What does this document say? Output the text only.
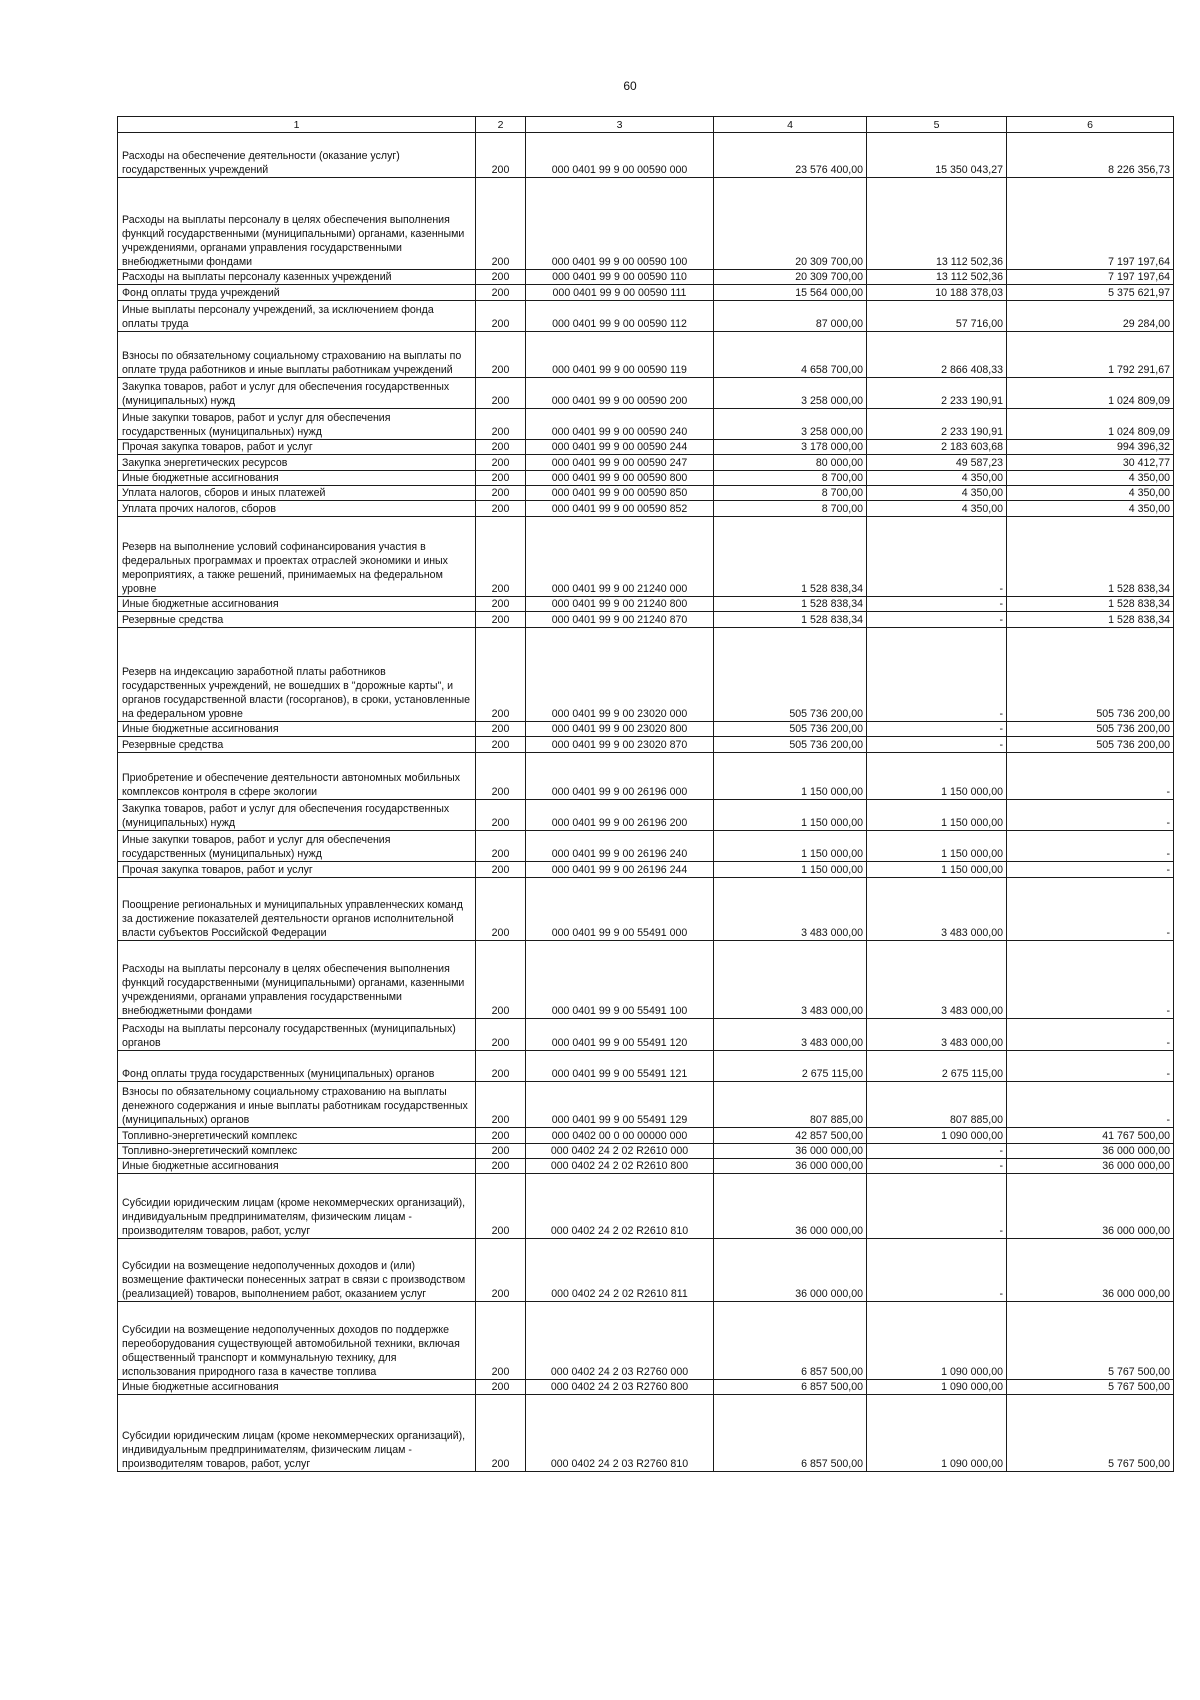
60
1	2	3	4	5	6
Расходы на обеспечение деятельности (оказание услуг) государственных учреждений	200	000 0401 99 9 00 00590 000	23 576 400,00	15 350 043,27	8 226 356,73
Расходы на выплаты персоналу в целях обеспечения выполнения функций государственными (муниципальными) органами, казенными учреждениями, органами управления государственными внебюджетными фондами	200	000 0401 99 9 00 00590 100	20 309 700,00	13 112 502,36	7 197 197,64
Расходы на выплаты персоналу казенных учреждений	200	000 0401 99 9 00 00590 110	20 309 700,00	13 112 502,36	7 197 197,64
Фонд оплаты труда учреждений	200	000 0401 99 9 00 00590 111	15 564 000,00	10 188 378,03	5 375 621,97
Иные выплаты персоналу учреждений, за исключением фонда оплаты труда	200	000 0401 99 9 00 00590 112	87 000,00	57 716,00	29 284,00
Взносы по обязательному социальному страхованию на выплаты по оплате труда работников и иные выплаты работникам учреждений	200	000 0401 99 9 00 00590 119	4 658 700,00	2 866 408,33	1 792 291,67
Закупка товаров, работ и услуг для обеспечения государственных (муниципальных) нужд	200	000 0401 99 9 00 00590 200	3 258 000,00	2 233 190,91	1 024 809,09
Иные закупки товаров, работ и услуг для обеспечения государственных (муниципальных) нужд	200	000 0401 99 9 00 00590 240	3 258 000,00	2 233 190,91	1 024 809,09
Прочая закупка товаров, работ и услуг	200	000 0401 99 9 00 00590 244	3 178 000,00	2 183 603,68	994 396,32
Закупка энергетических ресурсов	200	000 0401 99 9 00 00590 247	80 000,00	49 587,23	30 412,77
Иные бюджетные ассигнования	200	000 0401 99 9 00 00590 800	8 700,00	4 350,00	4 350,00
Уплата налогов, сборов и иных платежей	200	000 0401 99 9 00 00590 850	8 700,00	4 350,00	4 350,00
Уплата прочих налогов, сборов	200	000 0401 99 9 00 00590 852	8 700,00	4 350,00	4 350,00
Резерв на выполнение условий софинансирования участия в федеральных программах и проектах отраслей экономики и иных мероприятиях, а также решений, принимаемых на федеральном уровне	200	000 0401 99 9 00 21240 000	1 528 838,34	-	1 528 838,34
Иные бюджетные ассигнования	200	000 0401 99 9 00 21240 800	1 528 838,34	-	1 528 838,34
Резервные средства	200	000 0401 99 9 00 21240 870	1 528 838,34	-	1 528 838,34
Резерв на индексацию заработной платы работников государственных учреждений, не вошедших в "дорожные карты", и органов государственной власти (госорганов), в сроки, установленные на федеральном уровне	200	000 0401 99 9 00 23020 000	505 736 200,00	-	505 736 200,00
Иные бюджетные ассигнования	200	000 0401 99 9 00 23020 800	505 736 200,00	-	505 736 200,00
Резервные средства	200	000 0401 99 9 00 23020 870	505 736 200,00	-	505 736 200,00
Приобретение и обеспечение деятельности автономных мобильных комплексов контроля в сфере экологии	200	000 0401 99 9 00 26196 000	1 150 000,00	1 150 000,00	-
Закупка товаров, работ и услуг для обеспечения государственных (муниципальных) нужд	200	000 0401 99 9 00 26196 200	1 150 000,00	1 150 000,00	-
Иные закупки товаров, работ и услуг для обеспечения государственных (муниципальных) нужд	200	000 0401 99 9 00 26196 240	1 150 000,00	1 150 000,00	-
Прочая закупка товаров, работ и услуг	200	000 0401 99 9 00 26196 244	1 150 000,00	1 150 000,00	-
Поощрение региональных и муниципальных управленческих команд за достижение показателей деятельности органов исполнительной власти субъектов Российской Федерации	200	000 0401 99 9 00 55491 000	3 483 000,00	3 483 000,00	-
Расходы на выплаты персоналу в целях обеспечения выполнения функций государственными (муниципальными) органами, казенными учреждениями, органами управления государственными внебюджетными фондами	200	000 0401 99 9 00 55491 100	3 483 000,00	3 483 000,00	-
Расходы на выплаты персоналу государственных (муниципальных) органов	200	000 0401 99 9 00 55491 120	3 483 000,00	3 483 000,00	-
Фонд оплаты труда государственных (муниципальных) органов	200	000 0401 99 9 00 55491 121	2 675 115,00	2 675 115,00	-
Взносы по обязательному социальному страхованию на выплаты денежного содержания и иные выплаты работникам государственных (муниципальных) органов	200	000 0401 99 9 00 55491 129	807 885,00	807 885,00	-
Топливно-энергетический комплекс	200	000 0402 00 0 00 00000 000	42 857 500,00	1 090 000,00	41 767 500,00
Топливно-энергетический комплекс	200	000 0402 24 2 02 R2610 000	36 000 000,00	-	36 000 000,00
Иные бюджетные ассигнования	200	000 0402 24 2 02 R2610 800	36 000 000,00	-	36 000 000,00
Субсидии юридическим лицам (кроме некоммерческих организаций), индивидуальным предпринимателям, физическим лицам - производителям товаров, работ, услуг	200	000 0402 24 2 02 R2610 810	36 000 000,00	-	36 000 000,00
Субсидии на возмещение недополученных доходов и (или) возмещение фактически понесенных затрат в связи с производством (реализацией) товаров, выполнением работ, оказанием услуг	200	000 0402 24 2 02 R2610 811	36 000 000,00	-	36 000 000,00
Субсидии на возмещение недополученных доходов по поддержке переоборудования существующей автомобильной техники, включая общественный транспорт и коммунальную технику, для использования природного газа в качестве топлива	200	000 0402 24 2 03 R2760 000	6 857 500,00	1 090 000,00	5 767 500,00
Иные бюджетные ассигнования	200	000 0402 24 2 03 R2760 800	6 857 500,00	1 090 000,00	5 767 500,00
Субсидии юридическим лицам (кроме некоммерческих организаций), индивидуальным предпринимателям, физическим лицам - производителям товаров, работ, услуг	200	000 0402 24 2 03 R2760 810	6 857 500,00	1 090 000,00	5 767 500,00
